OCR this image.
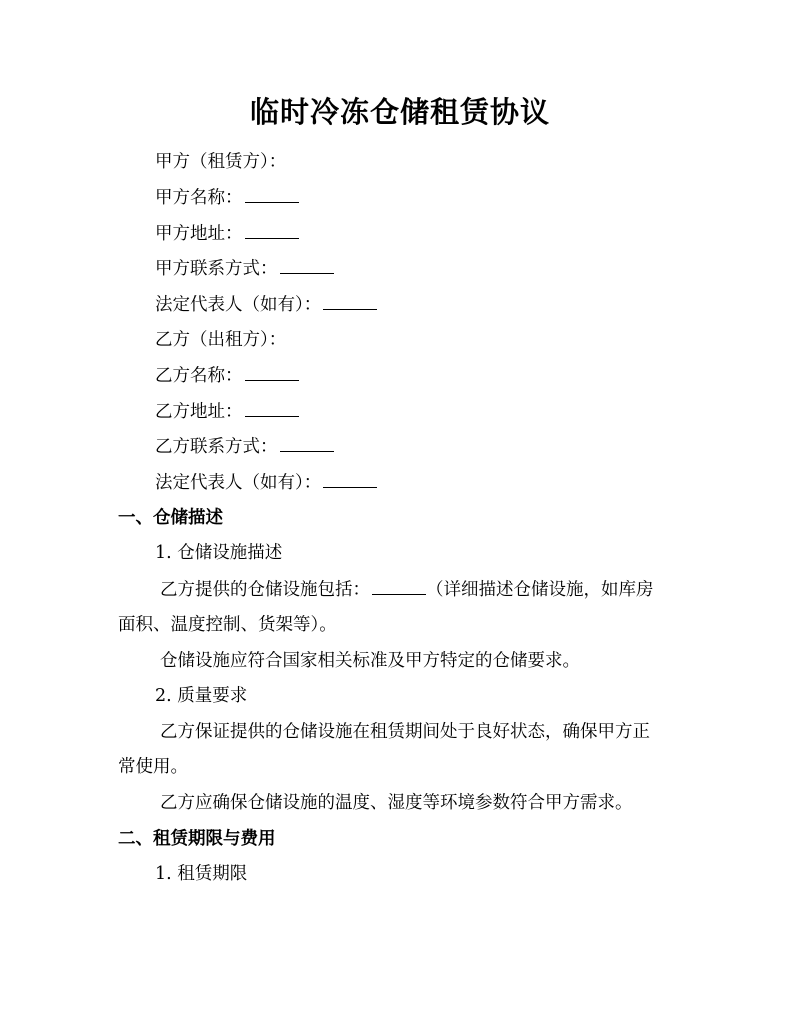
临时冷冻仓储租赁协议
甲方（租赁方）：
甲方名称：
甲方地址：
甲方联系方式：
法定代表人（如有）：
乙方（出租方）：
乙方名称：
乙方地址：
乙方联系方式：
法定代表人（如有）：
一、仓储描述
1. 仓储设施描述
乙方提供的仓储设施包括：	（详细描述仓储设施，如库房
面积、温度控制、货架等）。
仓储设施应符合国家相关标准及甲方特定的仓储要求。
2. 质量要求
乙方保证提供的仓储设施在租赁期间处于良好状态，确保甲方正
常使用。
乙方应确保仓储设施的温度、湿度等环境参数符合甲方需求。
二、租赁期限与费用
1. 租赁期限
